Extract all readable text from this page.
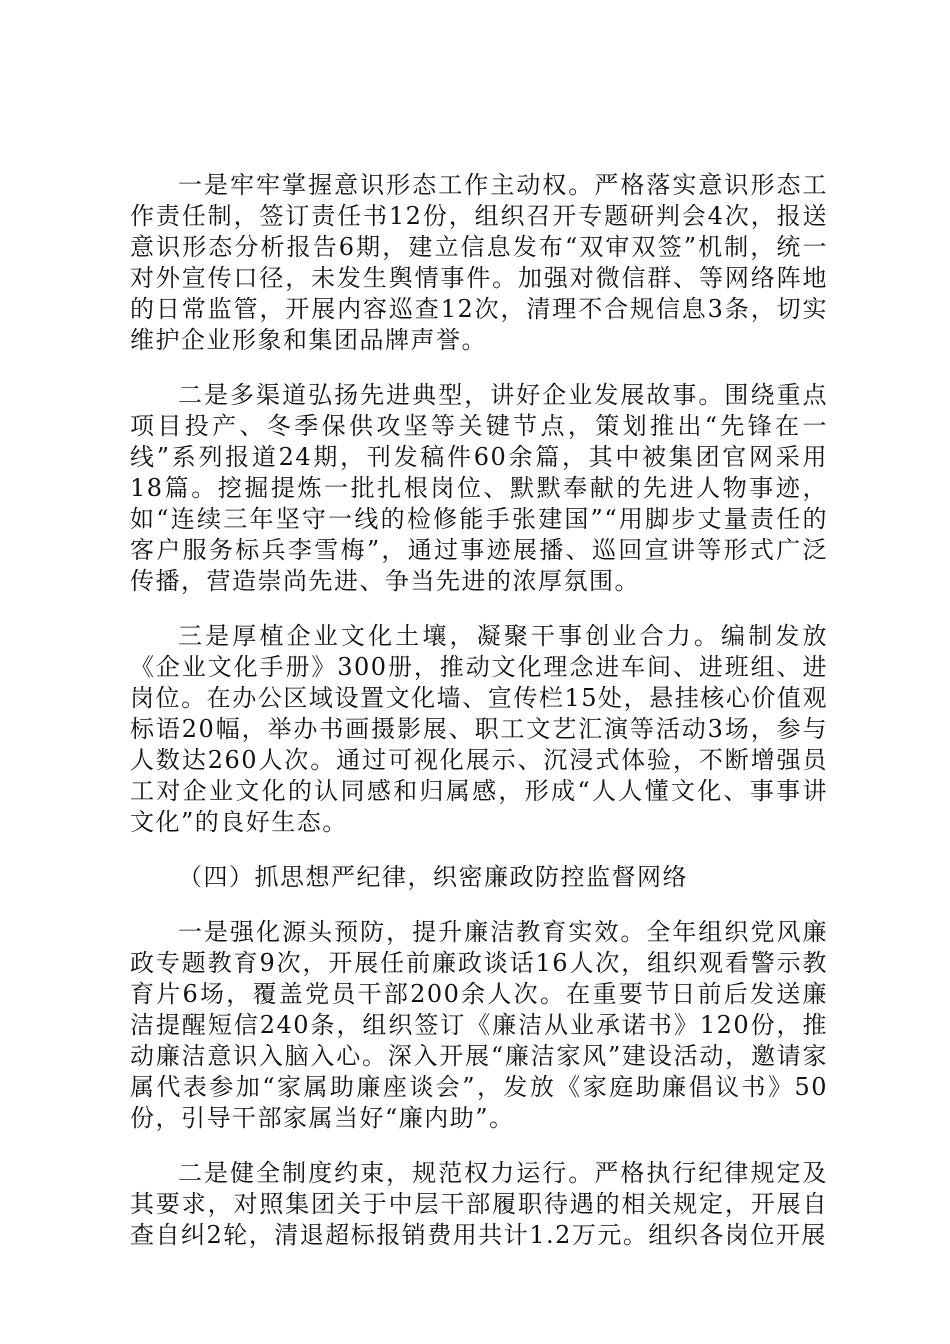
一是牢牢掌握意识形态工作主动权。严格落实意识形态工作责任制，签订责任书12份，组织召开专题研判会4次，报送意识形态分析报告6期，建立信息发布“双审双签”机制，统一对外宣传口径，未发生舆情事件。加强对微信群、等网络阵地的日常监管，开展内容巡查12次，清理不合规信息3条，切实维护企业形象和集团品牌声誉。

二是多渠道弘扬先进典型，讲好企业发展故事。围绕重点项目投产、冬季保供攻坚等关键节点，策划推出“先锋在一线”系列报道24期，刊发稿件60余篇，其中被集团官网采用18篇。挖掘提炼一批扎根岗位、默默奉献的先进人物事迹，如“连续三年坚守一线的检修能手张建国”“用脚步丈量责任的客户服务标兵李雪梅”，通过事迹展播、巡回宣讲等形式广泛传播，营造崇尚先进、争当先进的浓厚氛围。

三是厚植企业文化土壤，凝聚干事创业合力。编制发放《企业文化手册》300册，推动文化理念进车间、进班组、进岗位。在办公区域设置文化墙、宣传栏15处，悬挂核心价值观标语20幅，举办书画摄影展、职工文艺汇演等活动3场，参与人数达260人次。通过可视化展示、沉浸式体验，不断增强员工对企业文化的认同感和归属感，形成“人人懂文化、事事讲文化”的良好生态。

（四）抓思想严纪律，织密廉政防控监督网络

一是强化源头预防，提升廉洁教育实效。全年组织党风廉政专题教育9次，开展任前廉政谈话16人次，组织观看警示教育片6场，覆盖党员干部200余人次。在重要节日前后发送廉洁提醒短信240条，组织签订《廉洁从业承诺书》120份，推动廉洁意识入脑入心。深入开展“廉洁家风”建设活动，邀请家属代表参加“家属助廉座谈会”，发放《家庭助廉倡议书》50份，引导干部家属当好“廉内助”。

二是健全制度约束，规范权力运行。严格执行纪律规定及其要求，对照集团关于中层干部履职待遇的相关规定，开展自查自纠2轮，清退超标报销费用共计1.2万元。组织各岗位开展
